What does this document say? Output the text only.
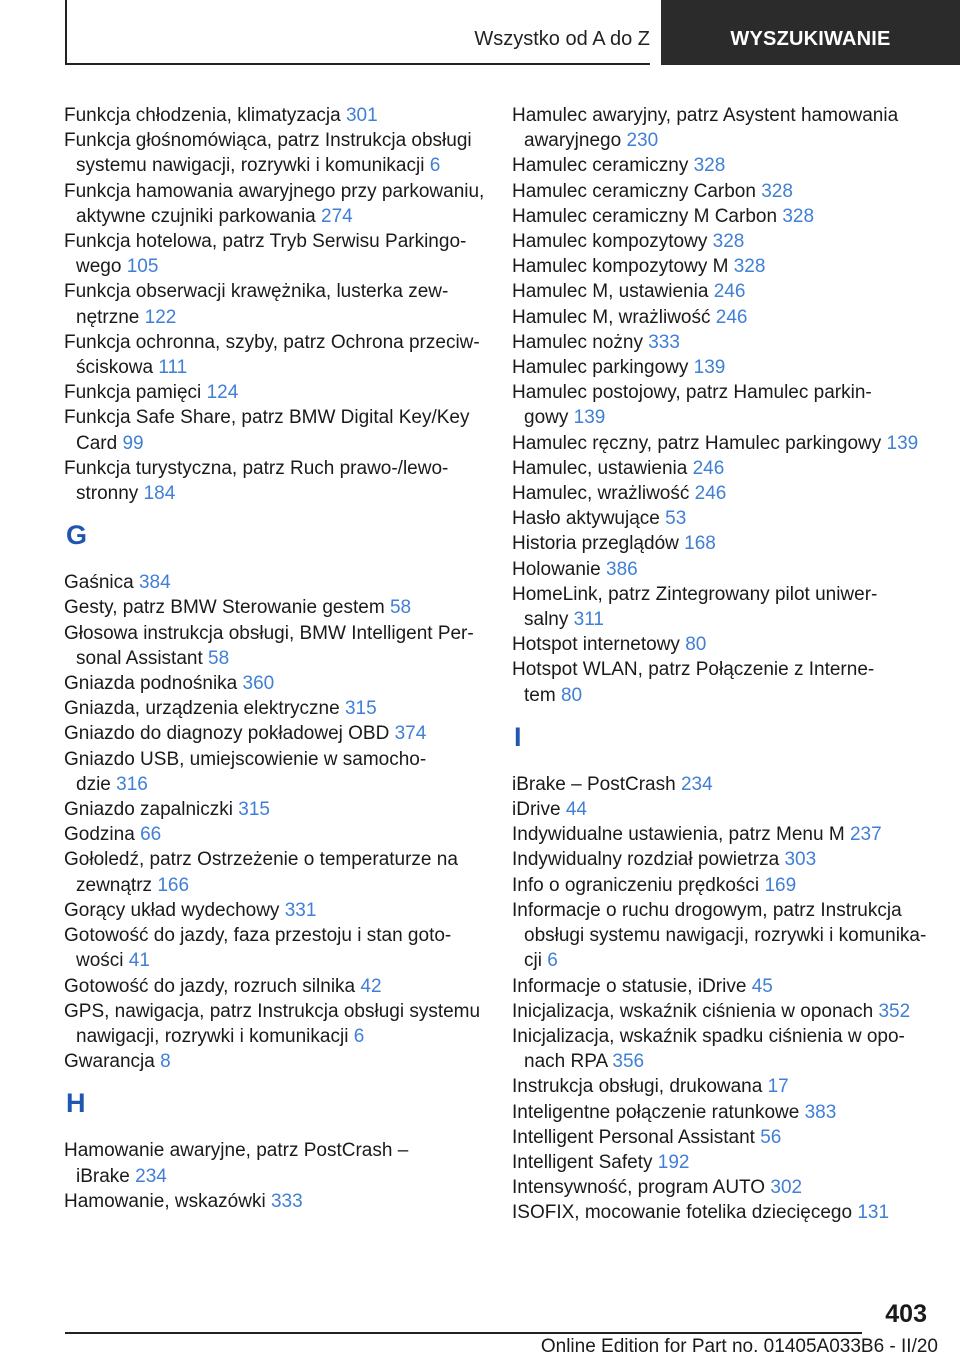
Wszystko od A do Z	WYSZUKIWANIE
Funkcja chłodzenia, klimatyzacja 301
Funkcja głośnomówiąca, patrz Instrukcja obsługi
systemu nawigacji, rozrywki i komunikacji 6
Funkcja hamowania awaryjnego przy parkowaniu,
aktywne czujniki parkowania 274
Funkcja hotelowa, patrz Tryb Serwisu Parkingo-
wego 105
Funkcja obserwacji krawężnika, lusterka zew-
nętrzne 122
Funkcja ochronna, szyby, patrz Ochrona przeciw-
ściskowa 111
Funkcja pamięci 124
Funkcja Safe Share, patrz BMW Digital Key/Key
Card 99
Funkcja turystyczna, patrz Ruch prawo-/lewo-
stronny 184
G
Gaśnica 384
Gesty, patrz BMW Sterowanie gestem 58
Głosowa instrukcja obsługi, BMW Intelligent Per-
sonal Assistant 58
Gniazda podnośnika 360
Gniazda, urządzenia elektryczne 315
Gniazdo do diagnozy pokładowej OBD 374
Gniazdo USB, umiejscowienie w samocho-
dzie 316
Gniazdo zapalniczki 315
Godzina 66
Gołoledź, patrz Ostrzeżenie o temperaturze na
zewnątrz 166
Gorący układ wydechowy 331
Gotowość do jazdy, faza przestoju i stan goto-
wości 41
Gotowość do jazdy, rozruch silnika 42
GPS, nawigacja, patrz Instrukcja obsługi systemu
nawigacji, rozrywki i komunikacji 6
Gwarancja 8
H
Hamowanie awaryjne, patrz PostCrash –
iBrake 234
Hamowanie, wskazówki 333
Hamulec awaryjny, patrz Asystent hamowania
awaryjnego 230
Hamulec ceramiczny 328
Hamulec ceramiczny Carbon 328
Hamulec ceramiczny M Carbon 328
Hamulec kompozytowy 328
Hamulec kompozytowy M 328
Hamulec M, ustawienia 246
Hamulec M, wrażliwość 246
Hamulec nożny 333
Hamulec parkingowy 139
Hamulec postojowy, patrz Hamulec parkin-
gowy 139
Hamulec ręczny, patrz Hamulec parkingowy 139
Hamulec, ustawienia 246
Hamulec, wrażliwość 246
Hasło aktywujące 53
Historia przeglądów 168
Holowanie 386
HomeLink, patrz Zintegrowany pilot uniwer-
salny 311
Hotspot internetowy 80
Hotspot WLAN, patrz Połączenie z Interne-
tem 80
I
iBrake – PostCrash 234
iDrive 44
Indywidualne ustawienia, patrz Menu M 237
Indywidualny rozdział powietrza 303
Info o ograniczeniu prędkości 169
Informacje o ruchu drogowym, patrz Instrukcja
obsługi systemu nawigacji, rozrywki i komunika-
cji 6
Informacje o statusie, iDrive 45
Inicjalizacja, wskaźnik ciśnienia w oponach 352
Inicjalizacja, wskaźnik spadku ciśnienia w opo-
nach RPA 356
Instrukcja obsługi, drukowana 17
Inteligentne połączenie ratunkowe 383
Intelligent Personal Assistant 56
Intelligent Safety 192
Intensywność, program AUTO 302
ISOFIX, mocowanie fotelika dziecięcego 131
403
Online Edition for Part no. 01405A033B6 - II/20
